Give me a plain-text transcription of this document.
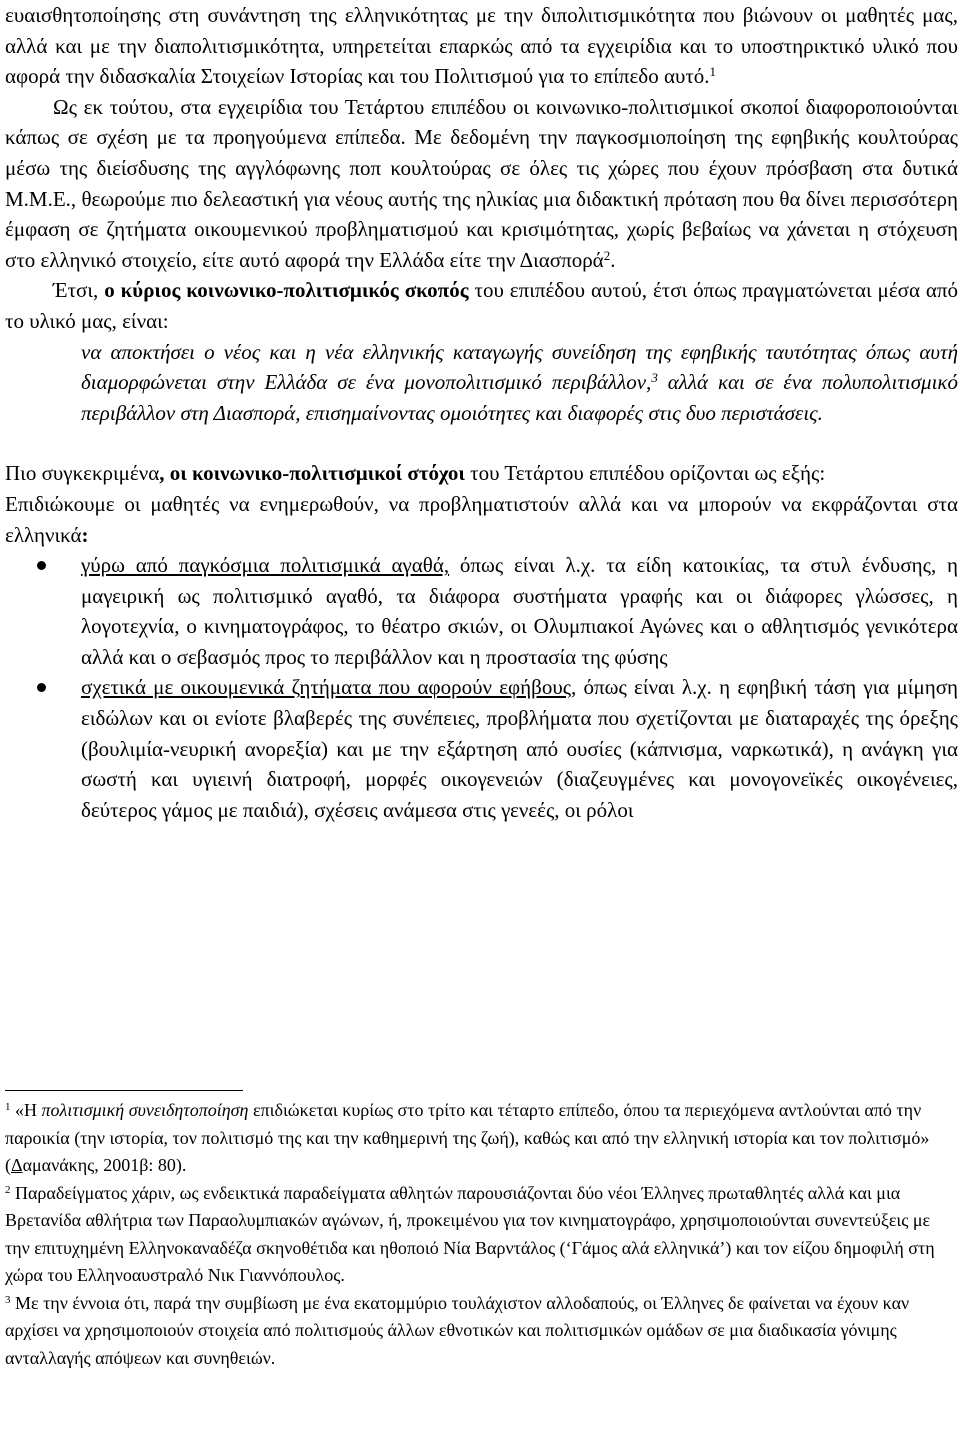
ευαισθητοποίησης στη συνάντηση της ελληνικότητας με την διπολιτισμικότητα που βιώνουν οι μαθητές μας, αλλά και με την διαπολιτισμικότητα, υπηρετείται επαρκώς από τα εγχειρίδια και το υποστηρικτικό υλικό που αφορά την διδασκαλία Στοιχείων Ιστορίας και του Πολιτισμού για το επίπεδο αυτό.$^1$

Ως εκ τούτου, στα εγχειρίδια του Τετάρτου επιπέδου οι κοινωνικο-πολιτισμικοί σκοποί διαφοροποιούνται κάπως σε σχέση με τα προηγούμενα επίπεδα. Με δεδομένη την παγκοσμιοποίηση της εφηβικής κουλτούρας μέσω της διείσδυσης της αγγλόφωνης ποπ κουλτούρας σε όλες τις χώρες που έχουν πρόσβαση στα δυτικά Μ.Μ.Ε., θεωρούμε πιο δελεαστική για νέους αυτής της ηλικίας μια διδακτική πρόταση που θα δίνει περισσότερη έμφαση σε ζητήματα οικουμενικού προβληματισμού και κρισιμότητας, χωρίς βεβαίως να χάνεται η στόχευση στο ελληνικό στοιχείο, είτε αυτό αφορά την Ελλάδα είτε την Διασπορά$^2$.

Έτσι, ο κύριος κοινωνικο-πολιτισμικός σκοπός του επιπέδου αυτού, έτσι όπως πραγματώνεται μέσα από το υλικό μας, είναι:

να αποκτήσει ο νέος και η νέα ελληνικής καταγωγής συνείδηση της εφηβικής ταυτότητας όπως αυτή διαμορφώνεται στην Ελλάδα σε ένα μονοπολιτισμικό περιβάλλον,$^3$ αλλά και σε ένα πολυπολιτισμικό περιβάλλον στη Διασπορά, επισημαίνοντας ομοιότητες και διαφορές στις δυο περιστάσεις.

Πιο συγκεκριμένα, οι κοινωνικο-πολιτισμικοί στόχοι του Τετάρτου επιπέδου ορίζονται ως εξής:

Επιδιώκουμε οι μαθητές να ενημερωθούν, να προβληματιστούν αλλά και να μπορούν να εκφράζονται στα ελληνικά:

γύρω από παγκόσμια πολιτισμικά αγαθά, όπως είναι λ.χ. τα είδη κατοικίας, τα στυλ ένδυσης, η μαγειρική ως πολιτισμικό αγαθό, τα διάφορα συστήματα γραφής και οι διάφορες γλώσσες, η λογοτεχνία, ο κινηματογράφος, το θέατρο σκιών, οι Ολυμπιακοί Αγώνες και ο αθλητισμός γενικότερα αλλά και ο σεβασμός προς το περιβάλλον και η προστασία της φύσης
σχετικά με οικουμενικά ζητήματα που αφορούν εφήβους, όπως είναι λ.χ. η εφηβική τάση για μίμηση ειδώλων και οι ενίοτε βλαβερές της συνέπειες, προβλήματα που σχετίζονται με διαταραχές της όρεξης (βουλιμία-νευρική ανορεξία) και με την εξάρτηση από ουσίες (κάπνισμα, ναρκωτικά), η ανάγκη για σωστή και υγιεινή διατροφή, μορφές οικογενειών (διαζευγμένες και μονογονεϊκές οικογένειες, δεύτερος γάμος με παιδιά), σχέσεις ανάμεσα στις γενεές, οι ρόλοι

$^1$ «Η πολιτισμική συνειδητοποίηση επιδιώκεται κυρίως στο τρίτο και τέταρτο επίπεδο, όπου τα περιεχόμενα αντλούνται από την παροικία (την ιστορία, τον πολιτισμό της και την καθημερινή της ζωή), καθώς και από την ελληνική ιστορία και τον πολιτισμό» (Δαμανάκης, 2001β: 80).

$^2$ Παραδείγματος χάριν, ως ενδεικτικά παραδείγματα αθλητών παρουσιάζονται δύο νέοι Έλληνες πρωταθλητές αλλά και μια Βρετανίδα αθλήτρια των Παραολυμπιακών αγώνων, ή, προκειμένου για τον κινηματογράφο, χρησιμοποιούνται συνεντεύξεις με την επιτυχημένη Ελληνοκαναδέζα σκηνοθέτιδα και ηθοποιό Νία Βαρντάλος (‘Γάμος αλά ελληνικά’) και τον είζου δημοφιλή στη χώρα του Ελληνοαυστραλό Νικ Γιαννόπουλος.

$^3$ Με την έννοια ότι, παρά την συμβίωση με ένα εκατομμύριο τουλάχιστον αλλοδαπούς, οι Έλληνες δε φαίνεται να έχουν καν αρχίσει να χρησιμοποιούν στοιχεία από πολιτισμούς άλλων εθνοτικών και πολιτισμικών ομάδων σε μια διαδικασία γόνιμης ανταλλαγής απόψεων και συνηθειών.
